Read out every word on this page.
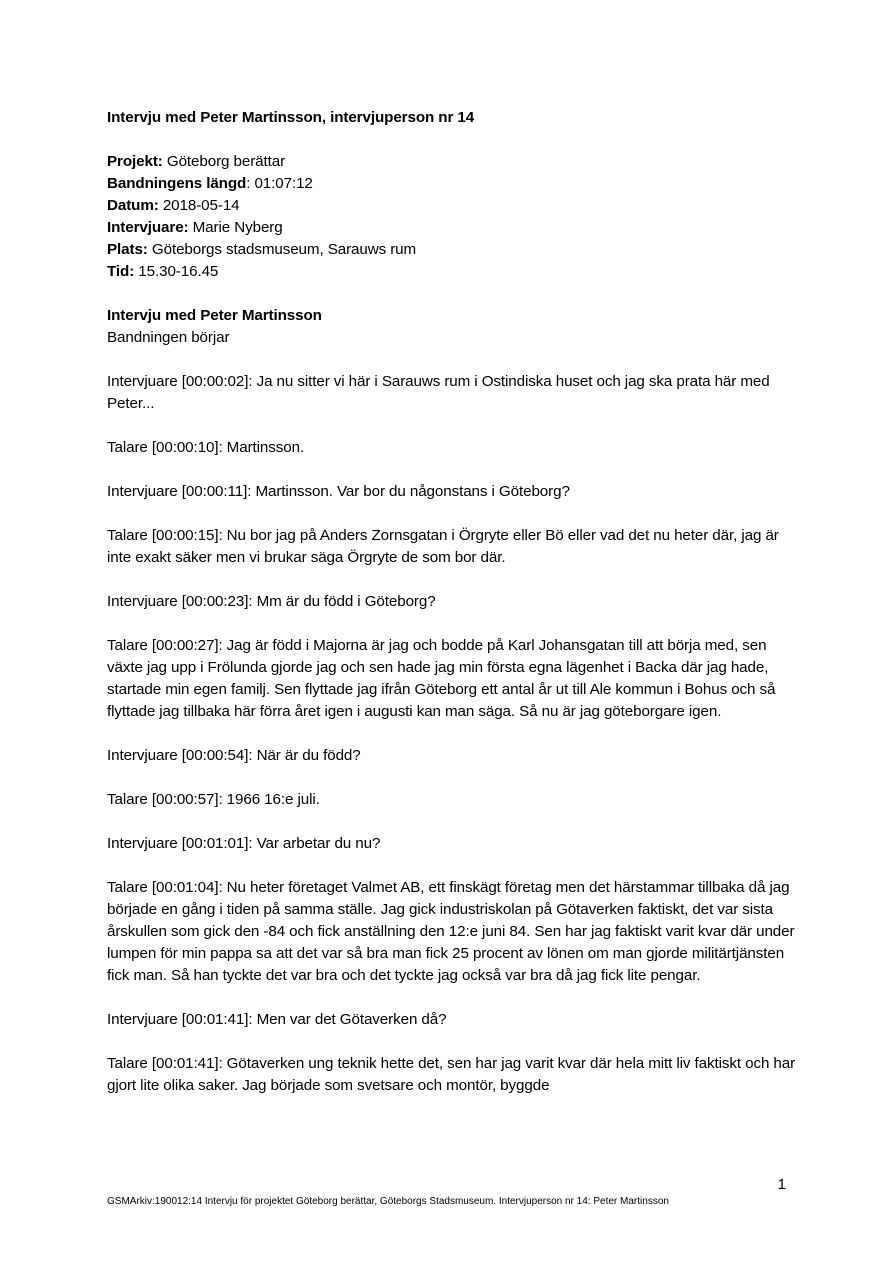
Intervju med Peter Martinsson, intervjuperson nr 14
Projekt: Göteborg berättar
Bandningens längd: 01:07:12
Datum: 2018-05-14
Intervjuare: Marie Nyberg
Plats: Göteborgs stadsmuseum, Sarauws rum
Tid: 15.30-16.45
Intervju med Peter Martinsson
Bandningen börjar

Intervjuare [00:00:02]: Ja nu sitter vi här i Sarauws rum i Ostindiska huset och jag ska prata här med Peter...

Talare [00:00:10]: Martinsson.

Intervjuare [00:00:11]: Martinsson. Var bor du någonstans i Göteborg?

Talare [00:00:15]: Nu bor jag på Anders Zornsgatan i Örgryte eller Bö eller vad det nu heter där, jag är inte exakt säker men vi brukar säga Örgryte de som bor där.

Intervjuare [00:00:23]: Mm är du född i Göteborg?

Talare [00:00:27]: Jag är född i Majorna är jag och bodde på Karl Johansgatan till att börja med, sen växte jag upp i Frölunda gjorde jag och sen hade jag min första egna lägenhet i Backa där jag hade, startade min egen familj. Sen flyttade jag ifrån Göteborg ett antal år ut till Ale kommun i Bohus och så flyttade jag tillbaka här förra året igen i augusti kan man säga. Så nu är jag göteborgare igen.

Intervjuare [00:00:54]: När är du född?

Talare [00:00:57]: 1966 16:e juli.

Intervjuare [00:01:01]: Var arbetar du nu?

Talare [00:01:04]: Nu heter företaget Valmet AB, ett finskägt företag men det härstammar tillbaka då jag började en gång i tiden på samma ställe. Jag gick industriskolan på Götaverken faktiskt, det var sista årskullen som gick den -84 och fick anställning den 12:e juni 84. Sen har jag faktiskt varit kvar där under lumpen för min pappa sa att det var så bra man fick 25 procent av lönen om man gjorde militärtjänsten fick man. Så han tyckte det var bra och det tyckte jag också var bra då jag fick lite pengar.

Intervjuare [00:01:41]: Men var det Götaverken då?

Talare [00:01:41]: Götaverken ung teknik hette det, sen har jag varit kvar där hela mitt liv faktiskt och har gjort lite olika saker. Jag började som svetsare och montör, byggde

1
GSMArkiv:190012:14 Intervju för projektet Göteborg berättar, Göteborgs Stadsmuseum. Intervjuperson nr 14: Peter Martinsson
